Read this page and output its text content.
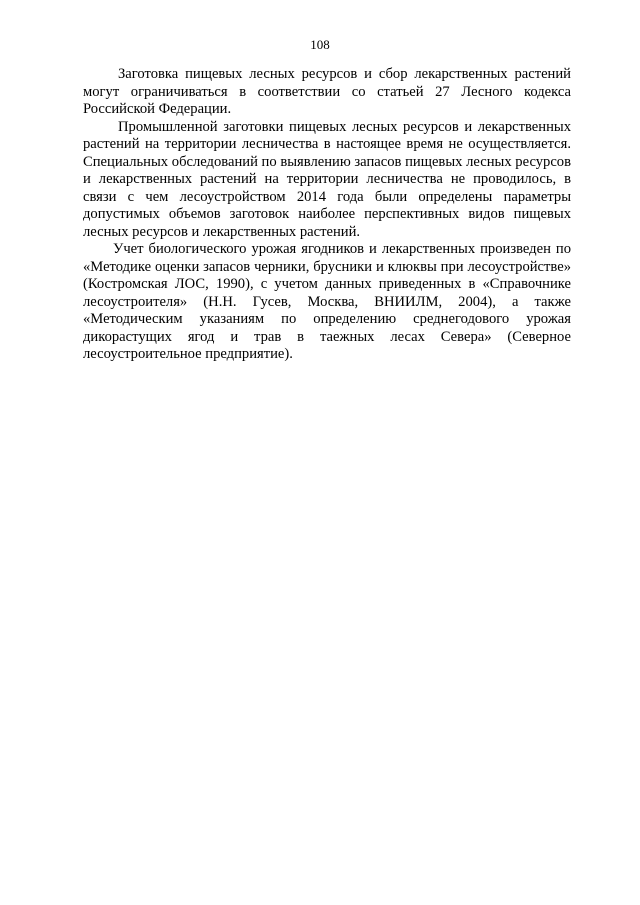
108

Заготовка пищевых лесных ресурсов и сбор лекарственных растений могут ограничиваться в соответствии со статьей 27 Лесного кодекса Российской Федерации.

Промышленной заготовки пищевых лесных ресурсов и лекарственных растений на территории лесничества в настоящее время не осуществляется. Специальных обследований по выявлению запасов пищевых лесных ресурсов и лекарственных растений на территории лесничества не проводилось, в связи с чем лесоустройством 2014 года были определены параметры допустимых объемов заготовок наиболее перспективных видов пищевых лесных ресурсов и лекарственных растений.

Учет биологического урожая ягодников и лекарственных произведен по «Методике оценки запасов черники, брусники и клюквы при лесоустройстве» (Костромская ЛОС, 1990), с учетом данных приведенных в «Справочнике лесоустроителя» (Н.Н. Гусев, Москва, ВНИИЛМ, 2004), а также «Методическим указаниям по определению среднегодового урожая дикорастущих ягод и трав в таежных лесах Севера» (Северное лесоустроительное предприятие).
